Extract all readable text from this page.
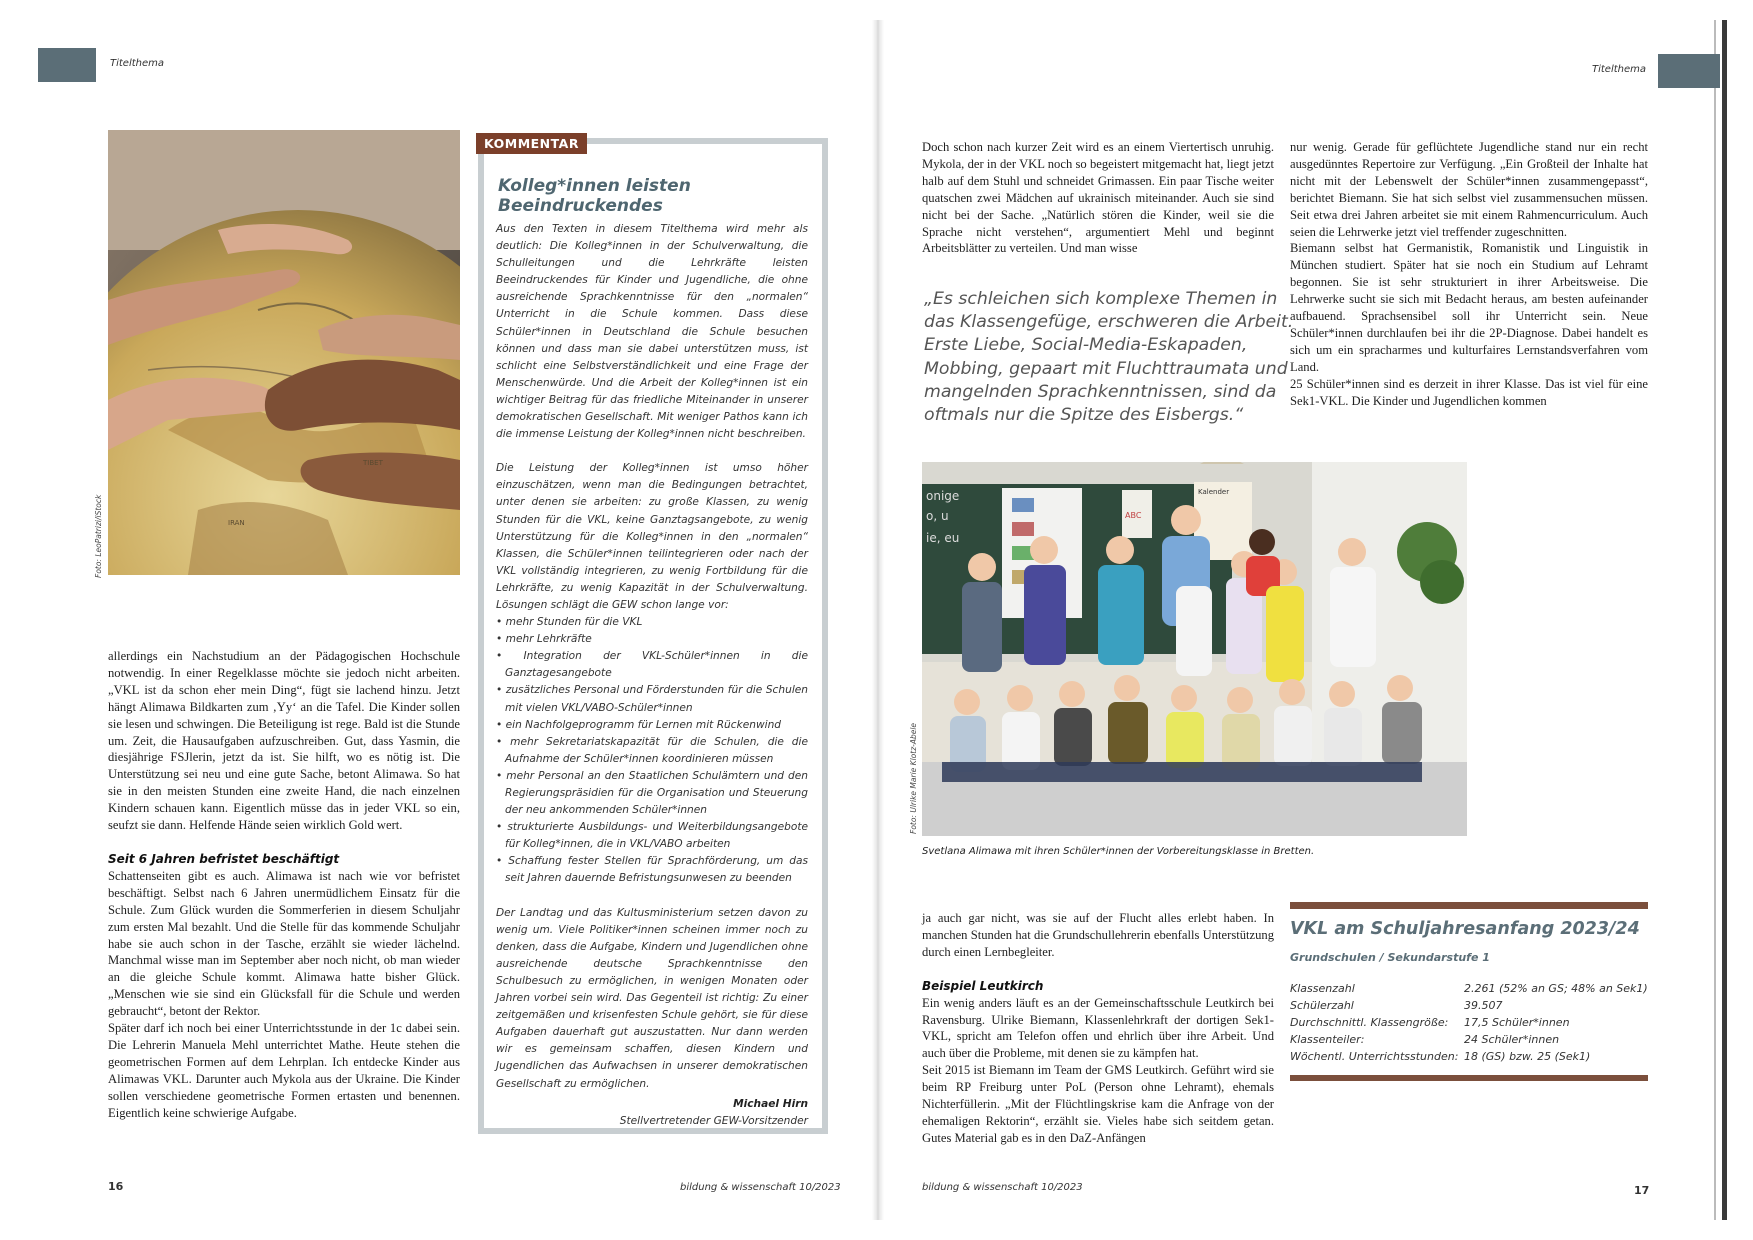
Titelthema
TIBET
IRAN
Foto: LeoPatrizi/iStock

allerdings ein Nachstudium an der Pädagogischen Hochschule notwendig. In einer Regelklasse möchte sie jedoch nicht arbeiten. „VKL ist da schon eher mein Ding“, fügt sie lachend hinzu. Jetzt hängt Alimawa Bildkarten zum ‚Yy‘ an die Tafel. Die Kinder sollen sie lesen und schwingen. Die Beteiligung ist rege. Bald ist die Stunde um. Zeit, die Hausaufgaben aufzuschreiben. Gut, dass Yasmin, die diesjährige FSJlerin, jetzt da ist. Sie hilft, wo es nötig ist. Die Unterstützung sei neu und eine gute Sache, betont Alimawa. So hat sie in den meisten Stunden eine zweite Hand, die nach einzelnen Kindern schauen kann. Eigentlich müsse das in jeder VKL so ein, seufzt sie dann. Helfende Hände seien wirklich Gold wert.

Seit 6 Jahren befristet beschäftigt

Schattenseiten gibt es auch. Alimawa ist nach wie vor befristet beschäftigt. Selbst nach 6 Jahren unermüdlichem Einsatz für die Schule. Zum Glück wurden die Sommerferien in diesem Schuljahr zum ersten Mal bezahlt. Und die Stelle für das kommende Schuljahr habe sie auch schon in der Tasche, erzählt sie wieder lächelnd. Manchmal wisse man im September aber noch nicht, ob man wieder an die gleiche Schule kommt. Alimawa hatte bisher Glück. „Menschen wie sie sind ein Glücksfall für die Schule und werden gebraucht“, betont der Rektor.

Später darf ich noch bei einer Unterrichtsstunde in der 1c dabei sein. Die Lehrerin Manuela Mehl unterrichtet Mathe. Heute stehen die geometrischen Formen auf dem Lehrplan. Ich entdecke Kinder aus Alimawas VKL. Darunter auch Mykola aus der Ukraine. Die Kinder sollen verschiedene geometrische Formen ertasten und benennen. Eigentlich keine schwierige Aufgabe.

KOMMENTAR
Kolleg*innen leisten Beeindruckendes

Aus den Texten in diesem Titelthema wird mehr als deutlich: Die Kolleg*innen in der Schulverwaltung, die Schulleitungen und die Lehrkräfte leisten Beeindruckendes für Kinder und Jugendliche, die ohne ausreichende Sprachkenntnisse für den „normalen“ Unterricht in die Schule kommen. Dass diese Schüler*innen in Deutschland die Schule besuchen können und dass man sie dabei unterstützen muss, ist schlicht eine Selbstverständlichkeit und eine Frage der Menschenwürde. Und die Arbeit der Kolleg*innen ist ein wichtiger Beitrag für das friedliche Miteinander in unserer demokratischen Gesellschaft. Mit weniger Pathos kann ich die immense Leistung der Kolleg*innen nicht beschreiben.

Die Leistung der Kolleg*innen ist umso höher einzuschätzen, wenn man die Bedingungen betrachtet, unter denen sie arbeiten: zu große Klassen, zu wenig Stunden für die VKL, keine Ganztagsangebote, zu wenig Unterstützung für die Kolleg*innen in den „normalen“ Klassen, die Schüler*innen teilintegrieren oder nach der VKL vollständig integrieren, zu wenig Fortbildung für die Lehrkräfte, zu wenig Kapazität in der Schulverwaltung. Lösungen schlägt die GEW schon lange vor:

• mehr Stunden für die VKL
• mehr Lehrkräfte
• Integration der VKL-Schüler*innen in die Ganztagesangebote
• zusätzliches Personal und Förderstunden für die Schulen mit vielen VKL/VABO-Schüler*innen
• ein Nachfolgeprogramm für Lernen mit Rückenwind
• mehr Sekretariatskapazität für die Schulen, die die Aufnahme der Schüler*innen koordinieren müssen
• mehr Personal an den Staatlichen Schulämtern und den Regierungspräsidien für die Organisation und Steuerung der neu ankommenden Schüler*innen
• strukturierte Ausbildungs- und Weiterbildungsangebote für Kolleg*innen, die in VKL/VABO arbeiten
• Schaffung fester Stellen für Sprachförderung, um das seit Jahren dauernde Befristungsunwesen zu beenden

Der Landtag und das Kultusministerium setzen davon zu wenig um. Viele Politiker*innen scheinen immer noch zu denken, dass die Aufgabe, Kindern und Jugendlichen ohne ausreichende deutsche Sprachkenntnisse den Schulbesuch zu ermöglichen, in wenigen Monaten oder Jahren vorbei sein wird. Das Gegenteil ist richtig: Zu einer zeitgemäßen und krisenfesten Schule gehört, sie für diese Aufgaben dauerhaft gut auszustatten. Nur dann werden wir es gemeinsam schaffen, diesen Kindern und Jugendlichen das Aufwachsen in unserer demokratischen Gesellschaft zu ermöglichen.

Michael Hirn

Stellvertretender GEW-Vorsitzender

16	bildung & wissenschaft 10/2023
Titelthema

Doch schon nach kurzer Zeit wird es an einem Viertertisch unruhig. Mykola, der in der VKL noch so begeistert mitgemacht hat, liegt jetzt halb auf dem Stuhl und schneidet Grimassen. Ein paar Tische weiter quatschen zwei Mädchen auf ukrainisch miteinander. Auch sie sind nicht bei der Sache. „Natürlich stören die Kinder, weil sie die Sprache nicht verstehen“, argumentiert Mehl und beginnt Arbeitsblätter zu verteilen. Und man wisse

nur wenig. Gerade für geflüchtete Jugendliche stand nur ein recht ausgedünntes Repertoire zur Verfügung. „Ein Großteil der Inhalte hat nicht mit der Lebenswelt der Schüler*innen zusammengepasst“, berichtet Biemann. Sie hat sich selbst viel zusammensuchen müssen. Seit etwa drei Jahren arbeitet sie mit einem Rahmencurriculum. Auch seien die Lehrwerke jetzt viel treffender zugeschnitten.

Biemann selbst hat Germanistik, Romanistik und Linguistik in München studiert. Später hat sie noch ein Studium auf Lehramt begonnen. Sie ist sehr strukturiert in ihrer Arbeitsweise. Die Lehrwerke sucht sie sich mit Bedacht heraus, am besten aufeinander aufbauend. Sprachsensibel soll ihr Unterricht sein. Neue Schüler*innen durchlaufen bei ihr die 2P-Diagnose. Dabei handelt es sich um ein spracharmes und kulturfaires Lernstandsverfahren vom Land.

25 Schüler*innen sind es derzeit in ihrer Klasse. Das ist viel für eine Sek1-VKL. Die Kinder und Jugendlichen kommen

„Es schleichen sich komplexe Themen in das Klassengefüge, erschweren die Arbeit. Erste Liebe, Social-Media-Eskapaden, Mobbing, gepaart mit Fluchttraumata und mangelnden Sprachkenntnissen, sind da oftmals nur die Spitze des Eisbergs.“
onige
o, u
ie, eu
ABC
Kalender
Foto: Ulrike Marie Klotz-Abele
Svetlana Alimawa mit ihren Schüler*innen der Vorbereitungsklasse in Bretten.

ja auch gar nicht, was sie auf der Flucht alles erlebt haben. In manchen Stunden hat die Grundschullehrerin ebenfalls Unterstützung durch einen Lernbegleiter.

Beispiel Leutkirch

Ein wenig anders läuft es an der Gemeinschaftsschule Leutkirch bei Ravensburg. Ulrike Biemann, Klassenlehrkraft der dortigen Sek1-VKL, spricht am Telefon offen und ehrlich über ihre Arbeit. Und auch über die Probleme, mit denen sie zu kämpfen hat.

Seit 2015 ist Biemann im Team der GMS Leutkirch. Geführt wird sie beim RP Freiburg unter PoL (Person ohne Lehramt), ehemals Nichterfüllerin. „Mit der Flüchtlingskrise kam die Anfrage von der ehemaligen Rektorin“, erzählt sie. Vieles habe sich seitdem getan. Gutes Material gab es in den DaZ-Anfängen

VKL am Schuljahresanfang 2023/24
Grundschulen / Sekundarstufe 1
Klassenzahl	2.261 (52% an GS; 48% an Sek1)
Schülerzahl	39.507
Durchschnittl. Klassengröße:	17,5 Schüler*innen
Klassenteiler:	24 Schüler*innen
Wöchentl. Unterrichtsstunden: 18 (GS) bzw. 25 (Sek1)
bildung & wissenschaft 10/2023	17
